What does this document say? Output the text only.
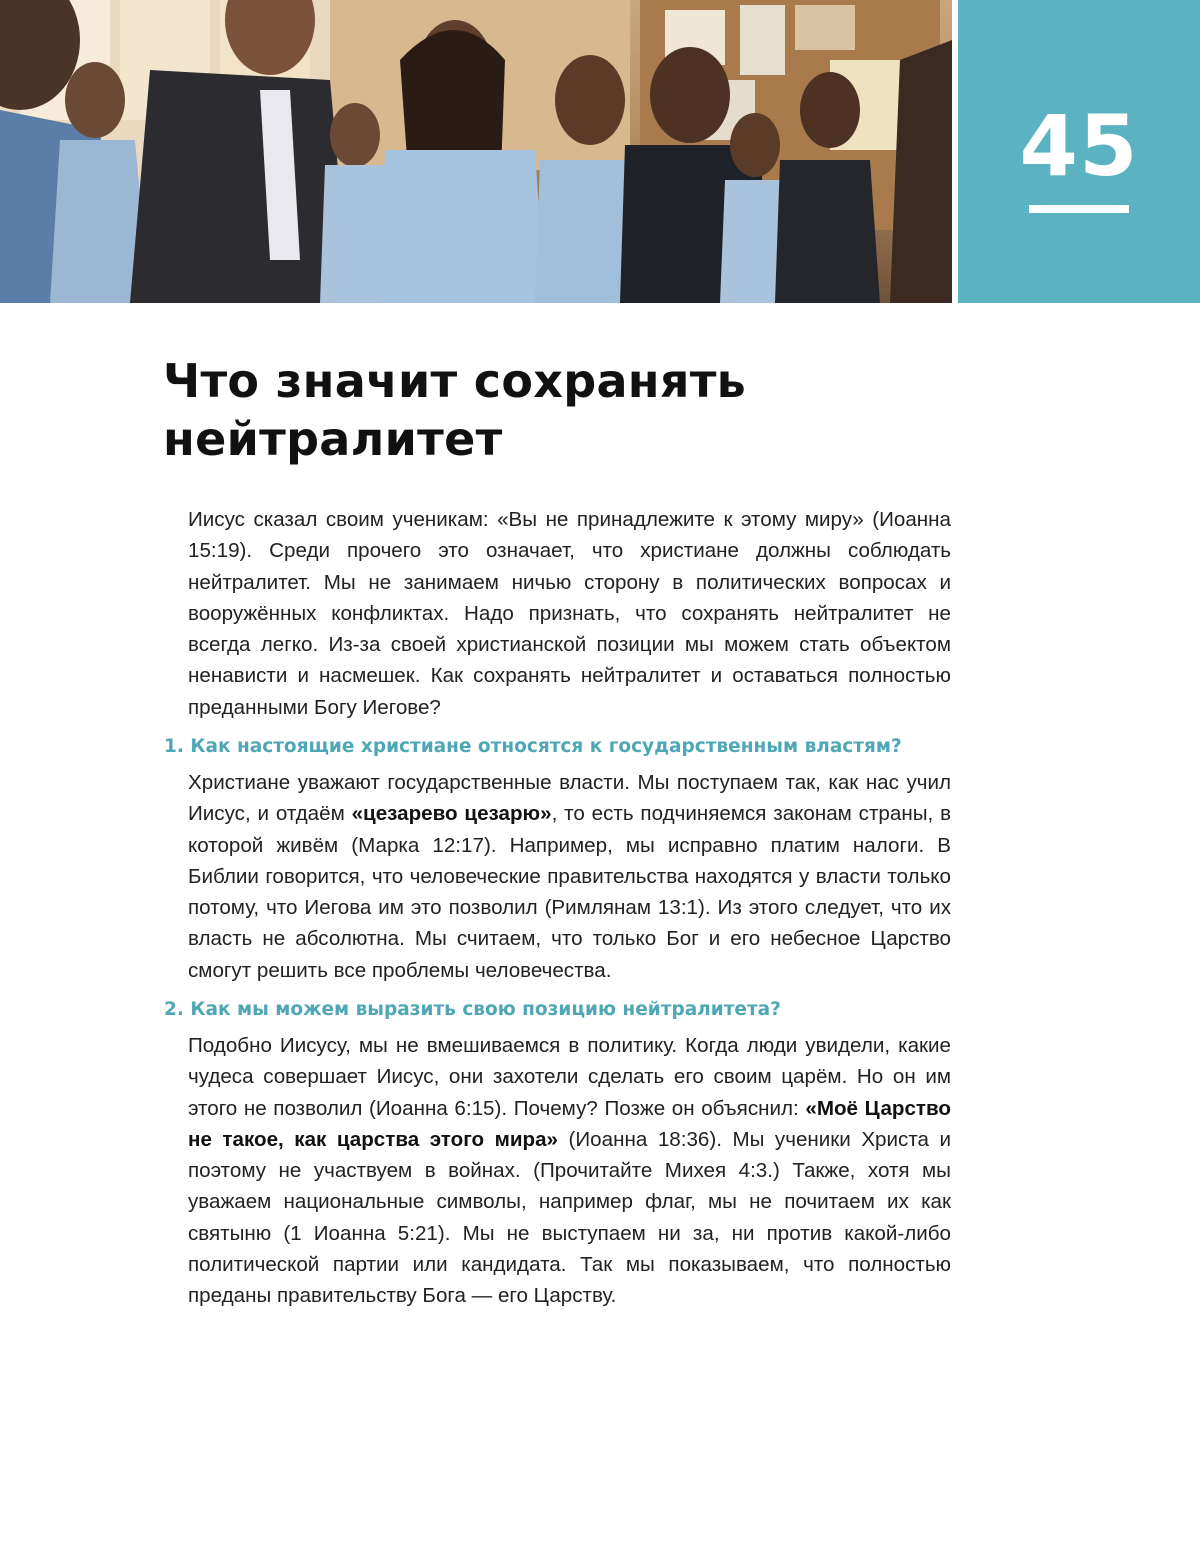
45
Что значит сохранять
нейтралитет

Иисус сказал своим ученикам: «Вы не принадлежите к этому миру» (Иоанна 15:19). Среди прочего это означает, что христиане должны соблюдать нейтралитет. Мы не занимаем ничью сторону в политических вопросах и вооружённых конфликтах. Надо признать, что сохранять нейтралитет не всегда легко. Из-за своей христианской позиции мы можем стать объектом ненависти и насмешек. Как сохранять нейтралитет и оставаться полностью преданными Богу Иегове?

1. Как настоящие христиане относятся к государственным властям?

Христиане уважают государственные власти. Мы поступаем так, как нас учил Иисус, и отдаём «цезарево цезарю», то есть подчиняемся законам страны, в которой живём (Марка 12:17). Например, мы исправно платим налоги. В Библии говорится, что человеческие правительства находятся у власти только потому, что Иегова им это позволил (Римлянам 13:1). Из этого следует, что их власть не абсолютна. Мы считаем, что только Бог и его небесное Царство смогут решить все проблемы человечества.

2. Как мы можем выразить свою позицию нейтралитета?

Подобно Иисусу, мы не вмешиваемся в политику. Когда люди увидели, какие чудеса совершает Иисус, они захотели сделать его своим царём. Но он им этого не позволил (Иоанна 6:15). Почему? Позже он объяснил: «Моё Царство не такое, как царства этого мира» (Иоанна 18:36). Мы ученики Христа и поэтому не участвуем в войнах. (Прочитайте Михея 4:3.) Также, хотя мы уважаем национальные символы, например флаг, мы не почитаем их как святыню (1 Иоанна 5:21). Мы не выступаем ни за, ни против какой-либо политической партии или кандидата. Так мы показываем, что полностью преданы правительству Бога — его Царству.
